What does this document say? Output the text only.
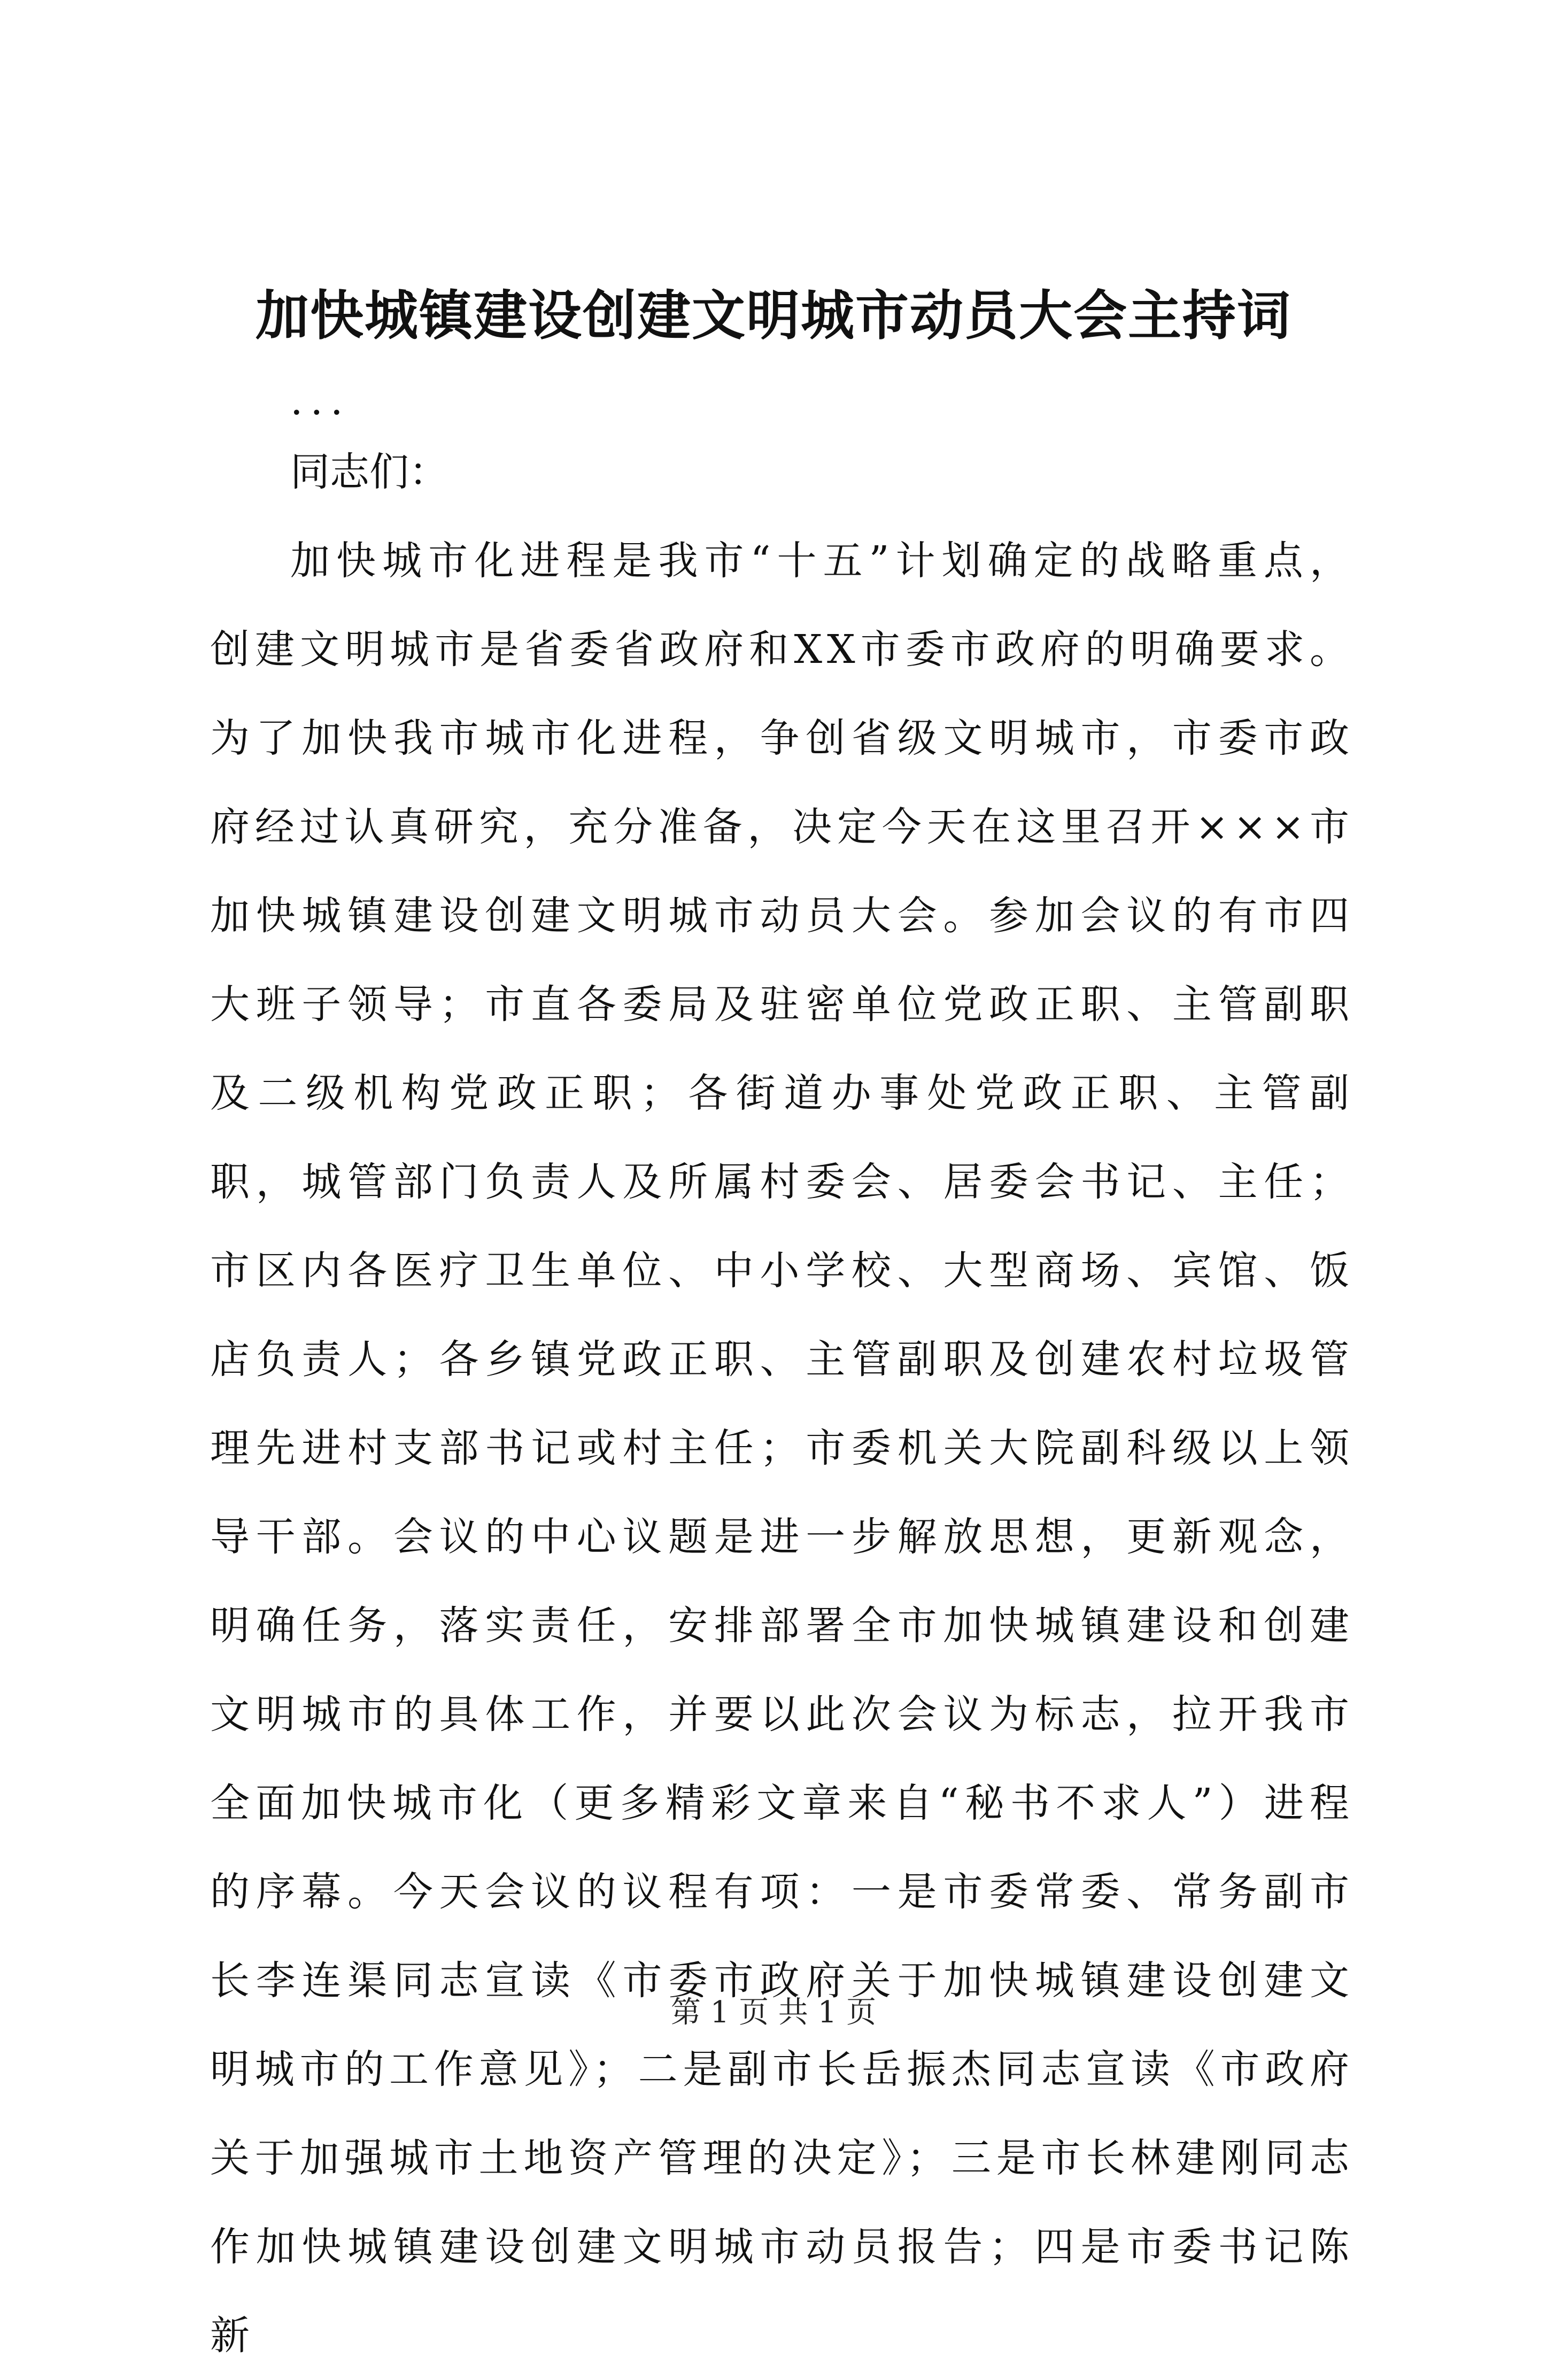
加快城镇建设创建文明城市动员大会主持词

...

同志们：

加快城市化进程是我市“十五”计划确定的战略重点，创建文明城市是省委省政府和XX市委市政府的明确要求。为了加快我市城市化进程，争创省级文明城市，市委市政府经过认真研究，充分准备，决定今天在这里召开×××市加快城镇建设创建文明城市动员大会。参加会议的有市四大班子领导；市直各委局及驻密单位党政正职、主管副职及二级机构党政正职；各街道办事处党政正职、主管副职，城管部门负责人及所属村委会、居委会书记、主任；市区内各医疗卫生单位、中小学校、大型商场、宾馆、饭店负责人；各乡镇党政正职、主管副职及创建农村垃圾管理先进村支部书记或村主任；市委机关大院副科级以上领导干部。会议的中心议题是进一步解放思想，更新观念，明确任务，落实责任，安排部署全市加快城镇建设和创建文明城市的具体工作，并要以此次会议为标志，拉开我市全面加快城市化（更多精彩文章来自“秘书不求人”）进程的序幕。今天会议的议程有项：一是市委常委、常务副市长李连渠同志宣读《市委市政府关于加快城镇建设创建文明城市的工作意见》；二是副市长岳振杰同志宣读《市政府关于加强城市土地资产管理的决定》；三是市长林建刚同志作加快城镇建设创建文明城市动员报告；四是市委书记陈新

第 1 页 共 1 页
